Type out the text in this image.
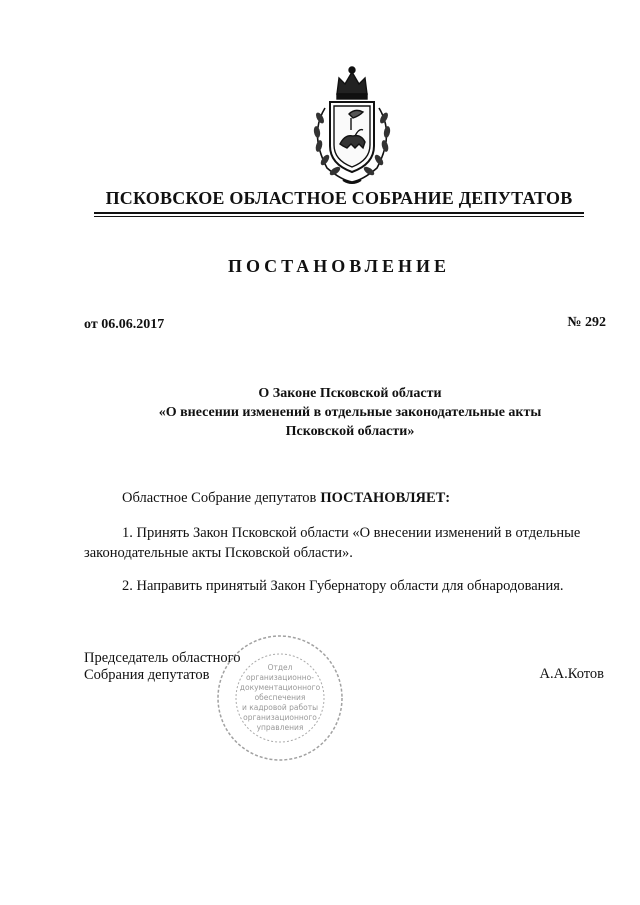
ПСКОВСКОЕ ОБЛАСТНОЕ СОБРАНИЕ ДЕПУТАТОВ
ПОСТАНОВЛЕНИЕ
от 06.06.2017	№ 292
О Законе Псковской области
«О внесении изменений в отдельные законодательные акты
Псковской области»
Областное Собрание депутатов ПОСТАНОВЛЯЕТ:
1. Принять Закон Псковской области «О внесении изменений в отдельные
законодательные акты Псковской области».
2. Направить принятый Закон Губернатору области для обнародования.
Председатель областного
Собрания депутатов	А.А.Котов
Отдел
организационно-
документационного
обеспечения
и кадровой работы
организационного
управления
